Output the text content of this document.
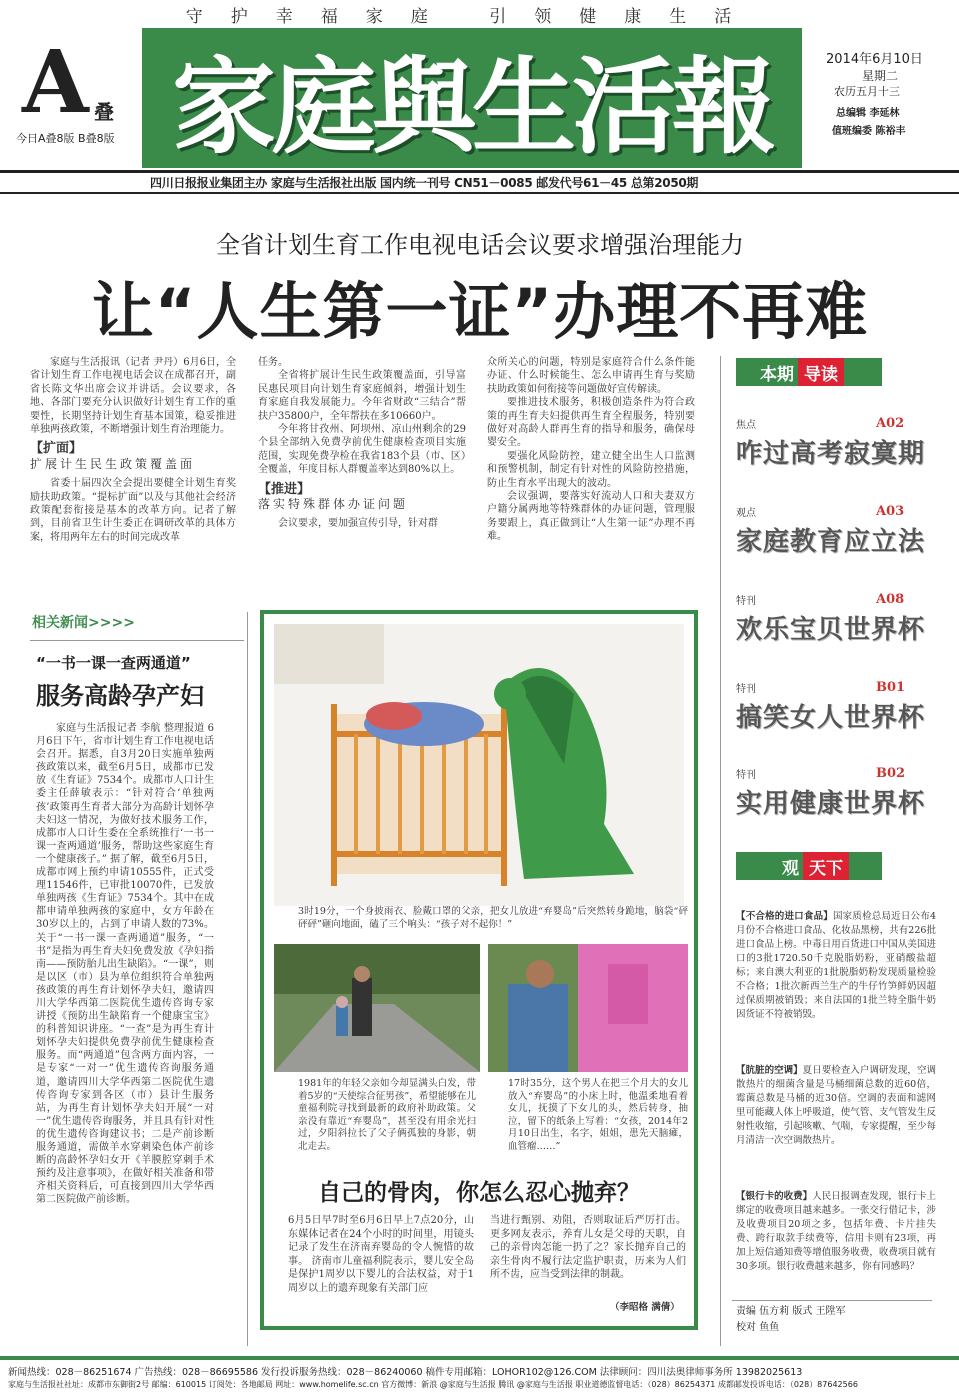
守护幸福家庭 引领健康生活
A 叠
今日A叠8版 B叠8版 家庭與生活報	2014年6月10日
星期二
农历五月十三
总编辑 李延林
值班编委 陈裕丰
四川日报报业集团主办 家庭与生活报社出版 国内统一刊号 CN51－0085 邮发代号61－45 总第2050期
全省计划生育工作电视电话会议要求增强治理能力
让“人生第一证”办理不再难

家庭与生活报讯（记者 尹丹）6月6日，全省计划生育工作电视电话会议在成都召开，副省长陈文华出席会议并讲话。会议要求，各地、各部门要充分认识做好计划生育工作的重要性，长期坚持计划生育基本国策，稳妥推进单独两孩政策，不断增强计划生育治理能力。

【扩面】
扩展计生民生政策覆盖面

省委十届四次全会提出要健全计划生育奖励扶助政策。“提标扩面”以及与其他社会经济政策配套衔接是基本的改革方向。记者了解到，目前省卫生计生委正在调研改革的具体方案，将用两年左右的时间完成改革

任务。

全省将扩展计生民生政策覆盖面，引导富民惠民项目向计划生育家庭倾斜，增强计划生育家庭自我发展能力。今年省财政“三结合”帮扶户35800户，全年帮扶在多10660户。

今年将甘孜州、阿坝州、凉山州剩余的29个县全部纳入免费孕前优生健康检查项目实施范围，实现免费孕检在我省183个县（市、区）全覆盖，年度目标人群覆盖率达到80%以上。

【推进】
落实特殊群体办证问题

会议要求，要加强宣传引导，针对群

众所关心的问题，特别是家庭符合什么条件能办证、什么时候能生、怎么申请再生育与奖励扶助政策如何衔接等问题做好宣传解读。

要推进技术服务，积极创造条件为符合政策的再生育夫妇提供再生育全程服务，特别要做好对高龄人群再生育的指导和服务，确保母婴安全。

要强化风险防控，建立健全出生人口监测和预警机制，制定有针对性的风险防控措施，防止生育水平出现大的波动。

会议强调，要落实好流动人口和夫妻双方户籍分属两地等特殊群体的办证问题，管理服务要跟上，真正做到让“人生第一证”办理不再难。

相关新闻>>>>
“一书一课一查两通道”
服务高龄孕产妇

家庭与生活报记者 李航 整理报道 6月6日下午，省市计划生育工作电视电话会召开。据悉，自3月20日实施单独两孩政策以来，截至6月5日，成都市已发放《生育证》7534个。成都市人口计生委主任薛敏表示：“针对符合‘单独两孩’政策再生育者大部分为高龄计划怀孕夫妇这一情况，为做好技术服务工作，成都市人口计生委在全系统推行‘一书一课一查两通道’服务，帮助这些家庭生育一个健康孩子。” 据了解，截至6月5日，成都市网上预约申请10555件，正式受理11546件，已审批10070件，已发放单独两孩《生育证》7534个。其中在成都申请单独两孩的家庭中，女方年龄在30岁以上的，占到了申请人数的73%。 关于“一书一课一查两通道”服务，“一书”是指为再生育夫妇免费发放《孕妇指南——预防胎儿出生缺陷》。“一课”，则是以区（市）县为单位组织符合单独两孩政策的再生育计划怀孕夫妇，邀请四川大学华西第二医院优生遗传咨询专家讲授《预防出生缺陷育一个健康宝宝》的科普知识讲座。“一查”是为再生育计划怀孕夫妇提供免费孕前优生健康检查服务。而“两通道”包含两方面内容，一是专家“一对一”优生遗传咨询服务通道，邀请四川大学华西第二医院优生遗传咨询专家到各区（市）县计生服务站，为再生育计划怀孕夫妇开展“一对一”优生遗传咨询服务，并且具有针对性的优生遗传咨询建议书；二是产前诊断服务通道，需做羊水穿刺染色体产前诊断的高龄怀孕妇女开《羊膜腔穿刺手术预约及注意事项》，在做好相关准备和带齐相关资料后，可直接到四川大学华西第二医院做产前诊断。

3时19分，一个身披雨衣、脸戴口罩的父亲，把女儿放进“弃婴岛”后突然转身跪地，脑袋“砰砰砰”砸向地面，磕了三个响头：“孩子对不起你！”
1981年的年轻父亲如今却显满头白发，带着5岁的“天使综合征男孩”，希望能够在儿童福利院寻找到最新的政府补助政策。父亲没有靠近“弃婴岛”，甚至没有用余光扫过，夕阳斜拉长了父子俩孤独的身影，朝北走去。
17时35分，这个男人在把三个月大的女儿放入“弃婴岛”的小床上时，他温柔地看着女儿，抚摸了下女儿的头，然后转身，抽泣，留下的纸条上写着：“女孩，2014年2月10日出生，名字，姐姐，患先天脑瘫，血管瘤……”
自己的骨肉，你怎么忍心抛弃？
6月5日早7时至6月6日早上7点20分，山东媒体记者在24个小时的时间里，用镜头记录了发生在济南弃婴岛的令人惋惜的故事。 济南市儿童福利院表示，婴儿安全岛是保护1周岁以下婴儿的合法权益，对于1周岁以上的遗弃现象有关部门应
当进行甄别、劝阻，否则取证后严厉打击。更多网友表示，养育儿女是父母的天职，自己的亲骨肉怎能一扔了之？家长抛弃自己的亲生骨肉不履行法定监护职责，历来为人们所不齿，应当受到法律的制裁。
（李昭格 满倩）
本期 导读
焦点	A02
咋过高考寂寞期
观点	A03
家庭教育应立法
特刊	A08
欢乐宝贝世界杯
特刊	B01
搞笑女人世界杯
特刊	B02
实用健康世界杯
观 天下
【不合格的进口食品】国家质检总局近日公布4月份不合格进口食品、化妆品黑榜，共有226批进口食品上榜。中毒日用百货进口中国从美国进口的3批1720.50千克脱脂奶粉，亚硝酸盐超标；来自澳大利亚的1批脱脂奶粉发现质量检验不合格；1批次新西兰生产的牛仔竹笋鲜奶因超过保质期被销毁；来自法国的1批兰特全脂牛奶因货证不符被销毁。
【肮脏的空调】夏日要检查入户调研发现，空调散热片的细菌含量是马桶细菌总数的近60倍，霉菌总数是马桶的近30倍。空调的表面和滤网里可能藏人体上呼吸道，使气管、支气管发生反射性收缩，引起咳嗽、气喘，专家提醒，至少每月清洁一次空调散热片。
【银行卡的收费】人民日报调查发现，银行卡上绑定的收费项目越来越多。一张交行借记卡，涉及收费项目20项之多，包括年费、卡片挂失费、跨行取款手续费等，信用卡则有23项，再加上短信通知费等增值服务收费，收费项目就有30多项。银行收费越来越多，你有同感吗？
责编 伍方莉 版式 王陞军
校对 鱼鱼
新闻热线：028－86251674 广告热线：028－86695586 发行投诉服务热线：028－86240060 稿件专用邮箱：LOHOR102@126.COM 法律顾问：四川法奥律师事务所 13982025613
家庭与生活报社社址：成都市东御街2号 邮编：610015 订阅处：各地邮局 网址：www.homelife.sc.cn 官方微博：新浪 @家庭与生活报 腾讯 @家庭与生活报 职业道德监督电话：（028）86254371 成都邮发投诉电话：（028）87642566
